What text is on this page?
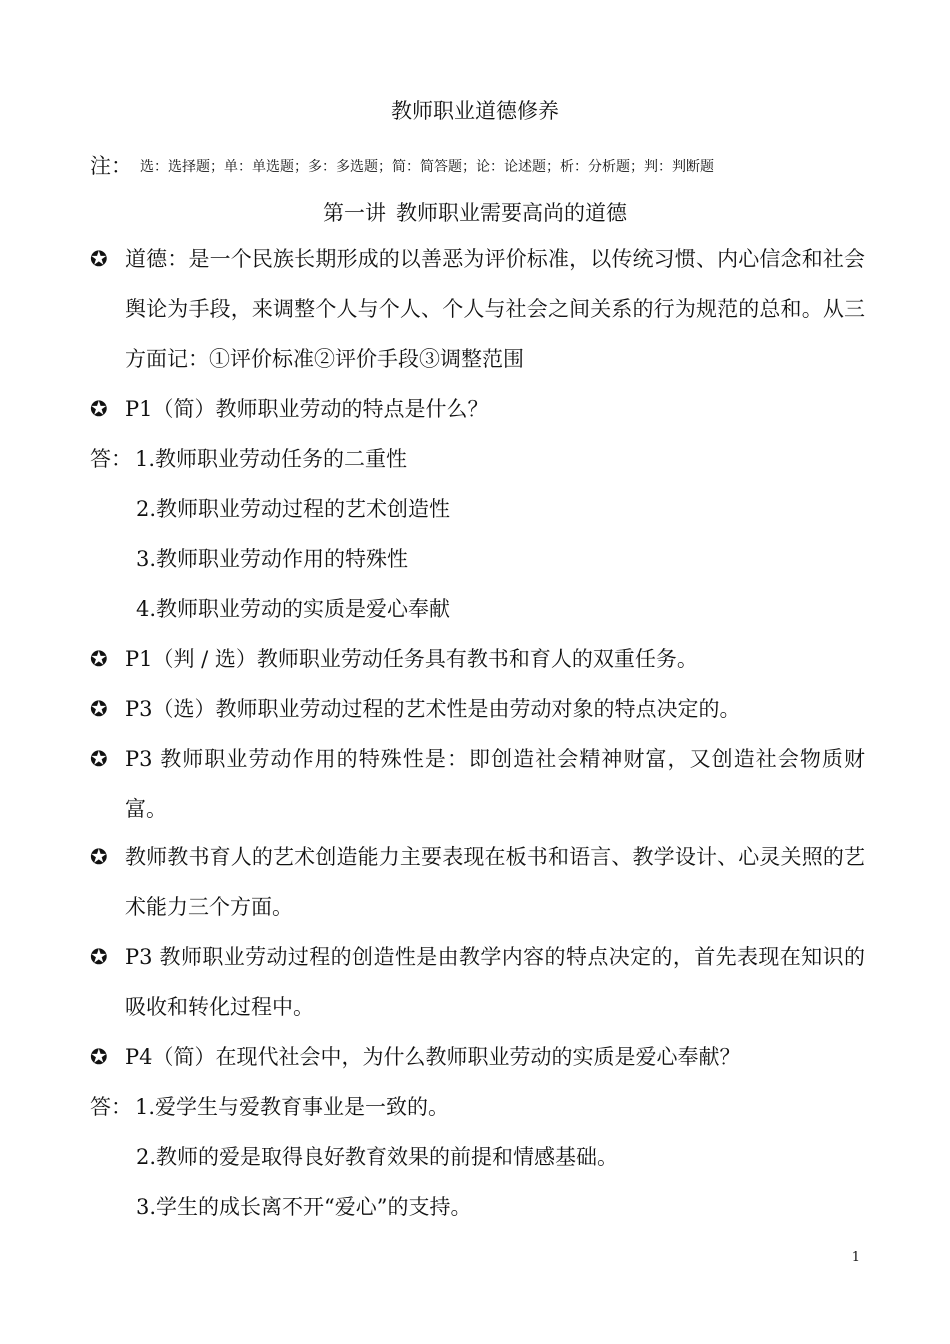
教师职业道德修养
注： 选：选择题；单：单选题；多：多选题；简：简答题；论：论述题；析：分析题；判：判断题
第一讲 教师职业需要高尚的道德
✪ 道德：是一个民族长期形成的以善恶为评价标准，以传统习惯、内心信念和社会舆论为手段，来调整个人与个人、个人与社会之间关系的行为规范的总和。从三方面记：①评价标准②评价手段③调整范围
✪ P1（简）教师职业劳动的特点是什么？
答： 1.教师职业劳动任务的二重性
2.教师职业劳动过程的艺术创造性
3.教师职业劳动作用的特殊性
4.教师职业劳动的实质是爱心奉献
✪ P1（判 / 选）教师职业劳动任务具有教书和育人的双重任务。
✪ P3（选）教师职业劳动过程的艺术性是由劳动对象的特点决定的。
✪ P3 教师职业劳动作用的特殊性是：即创造社会精神财富，又创造社会物质财富。
✪ 教师教书育人的艺术创造能力主要表现在板书和语言、教学设计、心灵关照的艺术能力三个方面。
✪ P3 教师职业劳动过程的创造性是由教学内容的特点决定的，首先表现在知识的吸收和转化过程中。
✪ P4（简）在现代社会中，为什么教师职业劳动的实质是爱心奉献？
答： 1.爱学生与爱教育事业是一致的。
2.教师的爱是取得良好教育效果的前提和情感基础。
3.学生的成长离不开“爱心”的支持。
1
